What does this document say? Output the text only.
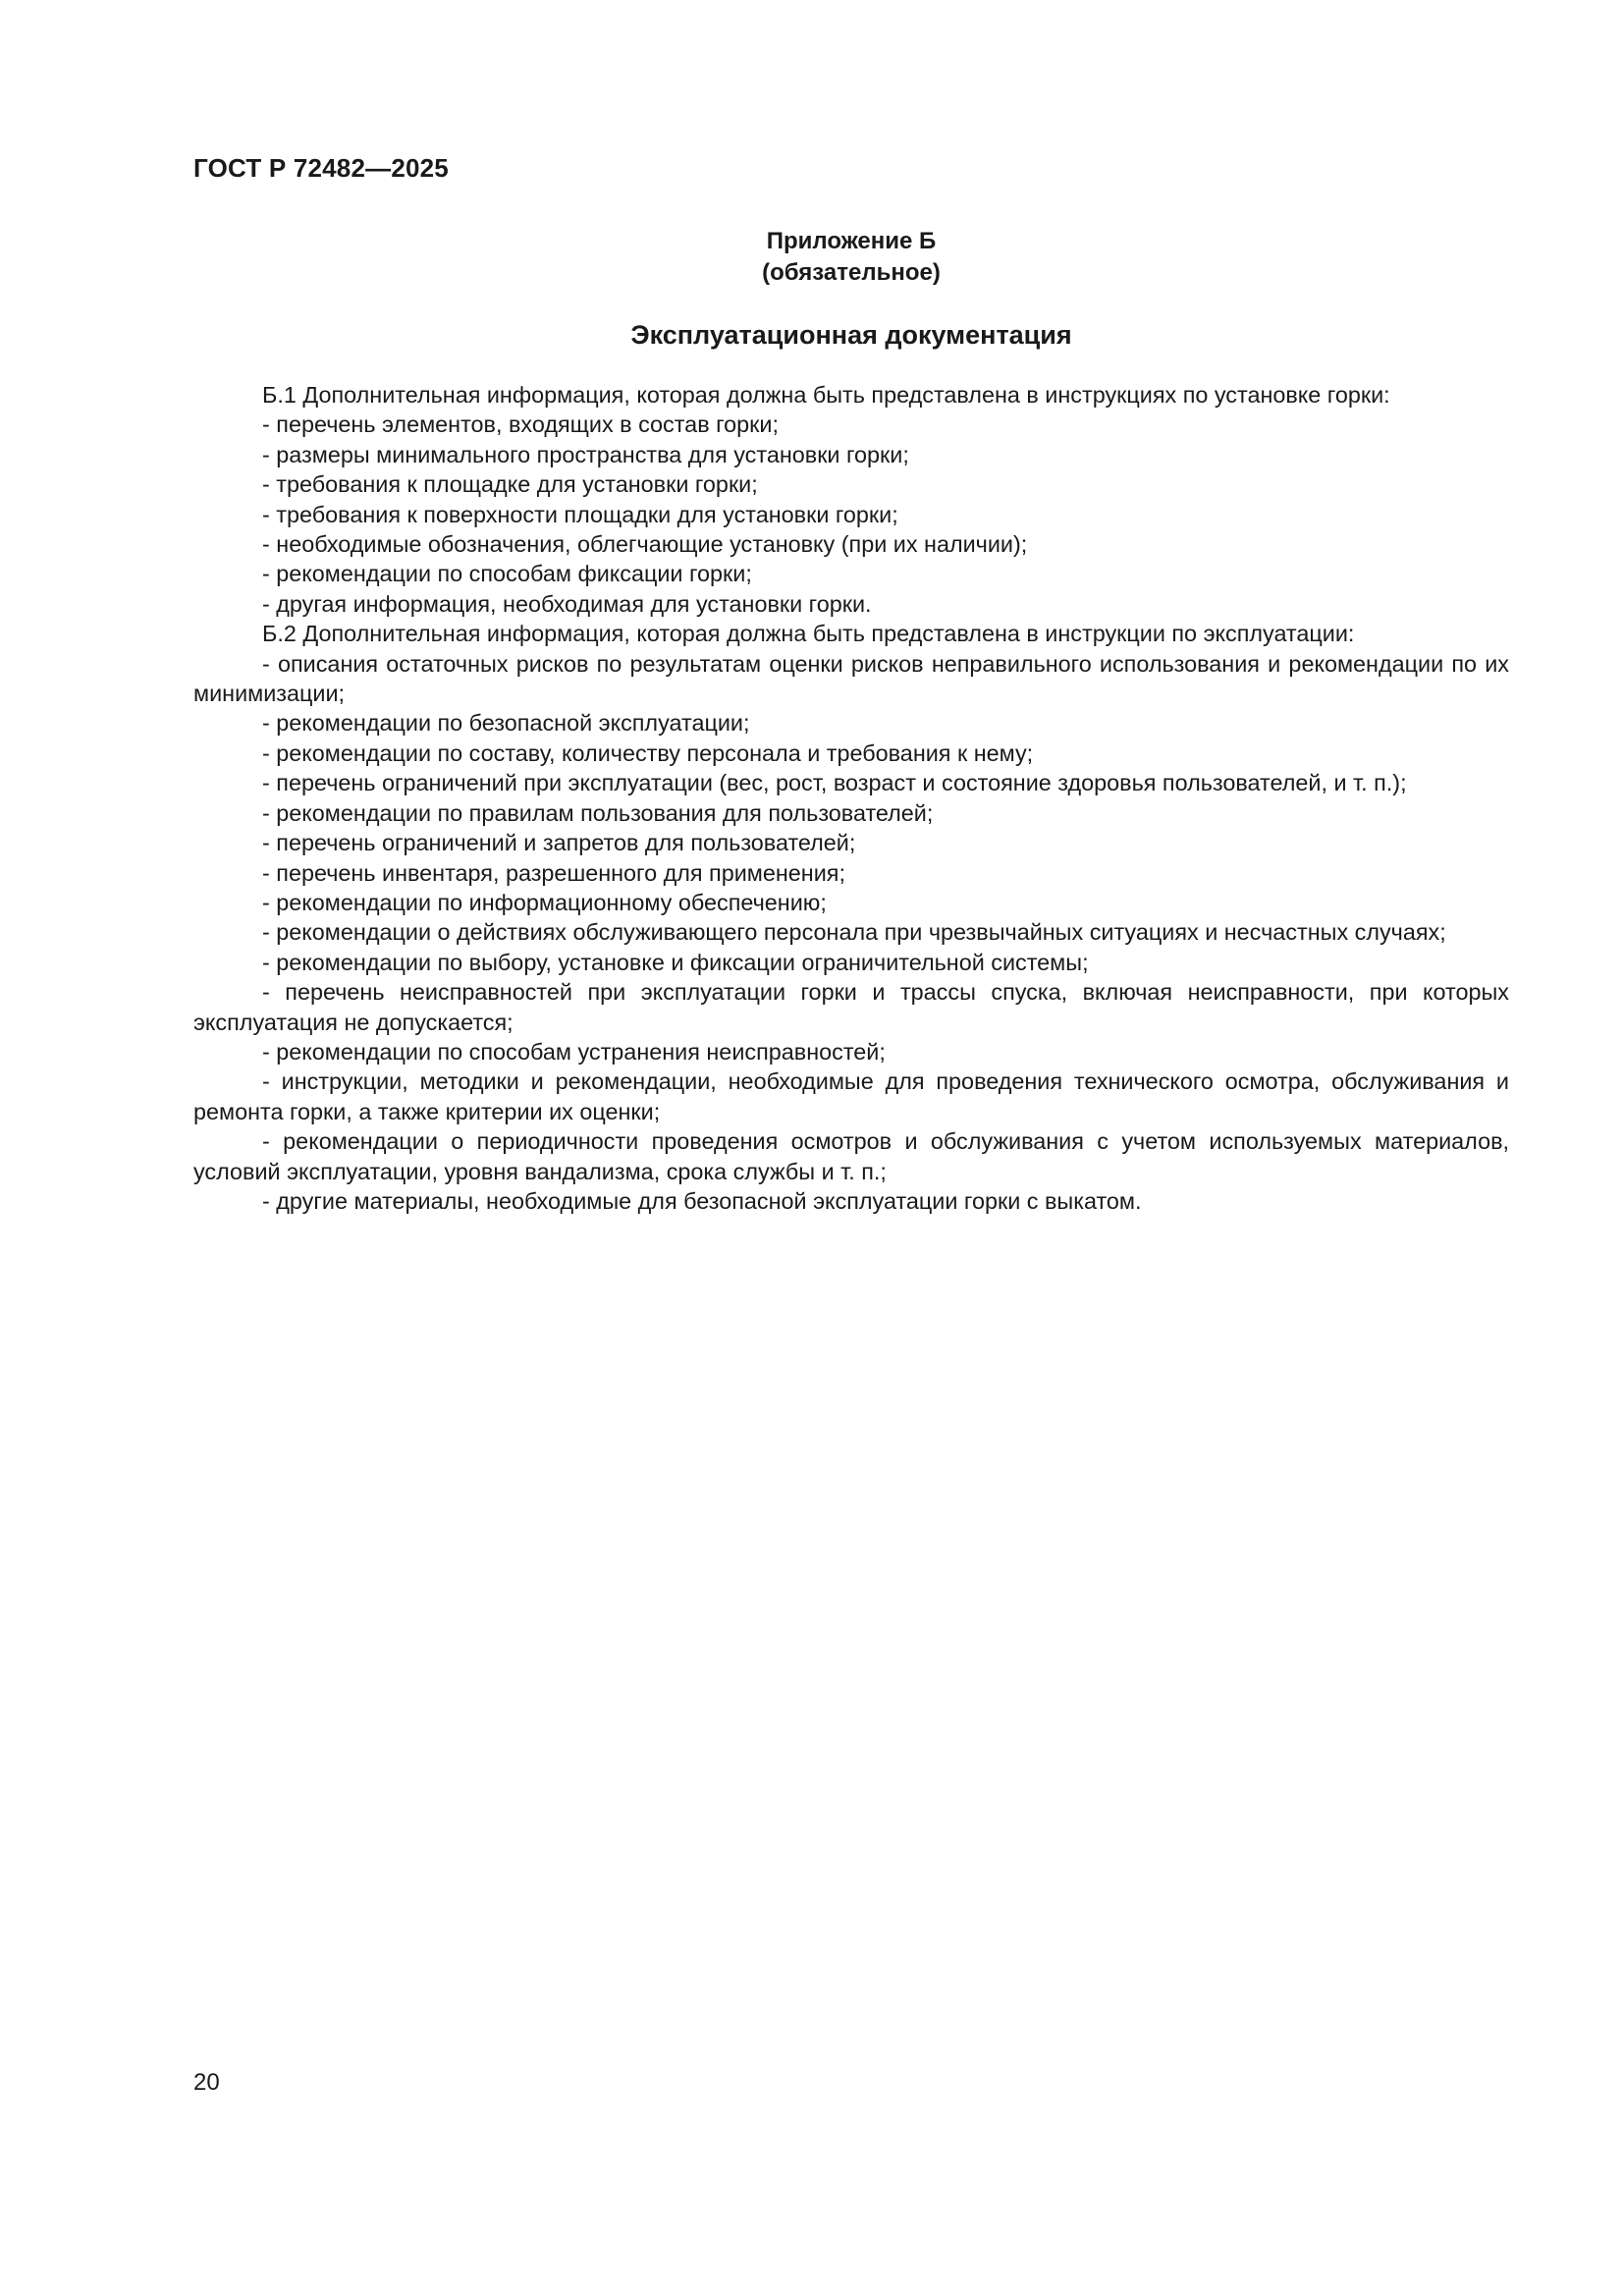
ГОСТ Р 72482—2025
Приложение Б
(обязательное)
Эксплуатационная документация

Б.1 Дополнительная информация, которая должна быть представлена в инструкциях по установке горки:

- перечень элементов, входящих в состав горки;

- размеры минимального пространства для установки горки;

- требования к площадке для установки горки;

- требования к поверхности площадки для установки горки;

- необходимые обозначения, облегчающие установку (при их наличии);

- рекомендации по способам фиксации горки;

- другая информация, необходимая для установки горки.

Б.2 Дополнительная информация, которая должна быть представлена в инструкции по эксплуатации:

- описания остаточных рисков по результатам оценки рисков неправильного использования и рекомендации по их минимизации;

- рекомендации по безопасной эксплуатации;

- рекомендации по составу, количеству персонала и требования к нему;

- перечень ограничений при эксплуатации (вес, рост, возраст и состояние здоровья пользователей, и т. п.);

- рекомендации по правилам пользования для пользователей;

- перечень ограничений и запретов для пользователей;

- перечень инвентаря, разрешенного для применения;

- рекомендации по информационному обеспечению;

- рекомендации о действиях обслуживающего персонала при чрезвычайных ситуациях и несчастных случаях;

- рекомендации по выбору, установке и фиксации ограничительной системы;

- перечень неисправностей при эксплуатации горки и трассы спуска, включая неисправности, при которых эксплуатация не допускается;

- рекомендации по способам устранения неисправностей;

- инструкции, методики и рекомендации, необходимые для проведения технического осмотра, обслуживания и ремонта горки, а также критерии их оценки;

- рекомендации о периодичности проведения осмотров и обслуживания с учетом используемых материалов, условий эксплуатации, уровня вандализма, срока службы и т. п.;

- другие материалы, необходимые для безопасной эксплуатации горки с выкатом.

20
